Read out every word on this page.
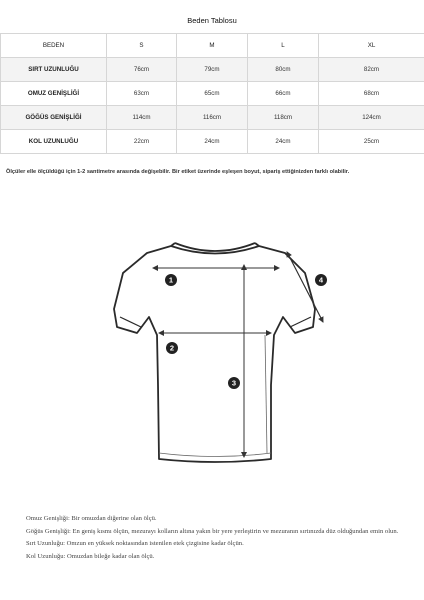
Beden Tablosu
BEDEN	S	M	L	XL
SIRT UZUNLUĞU	76cm	79cm	80cm	82cm
OMUZ GENİŞLİĞİ	63cm	65cm	66cm	68cm
GÖĞÜS GENİŞLİĞİ	114cm	116cm	118cm	124cm
KOL UZUNLUĞU	22cm	24cm	24cm	25cm
Ölçüler elle ölçüldüğü için 1-2 santimetre arasında değişebilir. Bir etiket üzerinde eşleşen boyut, sipariş ettiğinizden farklı olabilir.
1
2
3
4
Omuz Genişliği: Bir omuzdan diğerine olan ölçü.
Göğüs Genişliği: En geniş kısmı ölçün, mezurayı kolların altına yakın bir yere yerleştirin ve mezuranın sırtınızda düz olduğundan emin olun.
Sırt Uzunluğu: Omzun en yüksek noktasından istenilen etek çizgisine kadar ölçün.
Kol Uzunluğu: Omuzdan bileğe kadar olan ölçü.
